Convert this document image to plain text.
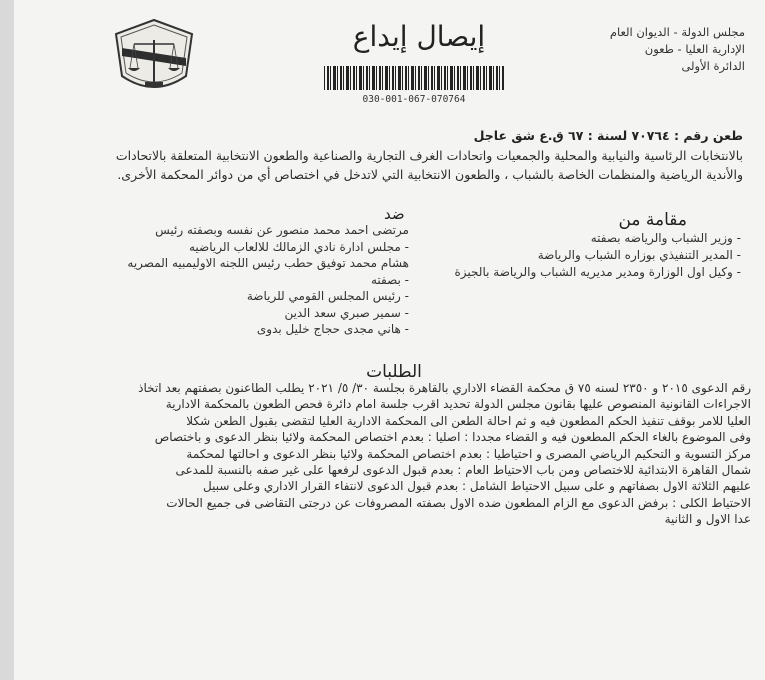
مجلس الدولة - الديوان العام
الإدارية العليا - طعون
الدائرة الأولى
إيصال إيداع
030-001-067-070764
طعن رقم : ٧٠٧٦٤ لسنة : ٦٧ ق.ع شق عاجل
بالانتخابات الرئاسية والنيابية والمحلية والجمعيات واتحادات الغرف التجارية والصناعية والطعون الانتخابية المتعلقة بالاتحادات
والأندية الرياضية والمنظمات الخاصة بالشباب ، والطعون الانتخابية التي لاتدخل في اختصاص أي من دوائر المحكمة الأخرى.
مقامة من
- وزير الشباب والرياضه بصفته
- المدير التنفيذي بوزاره الشباب والرياضة
- وكيل اول الوزارة ومدير مديريه الشباب والرياضة بالجيزة
ضد
مرتضى احمد محمد منصور عن نفسه وبصفته رئيس
- مجلس ادارة نادي الزمالك للالعاب الرياضيه
هشام محمد توفيق حطب رئيس اللجنه الاوليمبيه المصريه
- بصفته
- رئيس المجلس القومي للرياضة
- سمير صبري سعد الدين
- هاني مجدى حجاج خليل بدوى
الطلبات
رقم الدعوى ٢٠١٥ و ٢٣٥٠ لسنه ٧٥ ق محكمة القضاء الاداري بالقاهرة بجلسة ٣٠/ ٥/ ٢٠٢١ يطلب الطاعنون بصفتهم بعد اتخاذ
الاجراءات القانونية المنصوص عليها بقانون مجلس الدولة تحديد اقرب جلسة امام دائرة فحص الطعون بالمحكمة الادارية
العليا للامر بوقف تنفيذ الحكم المطعون فيه و ثم احالة الطعن الى المحكمة الادارية العليا لتقضى بقبول الطعن شكلا
وفى الموضوع بالغاء الحكم المطعون فيه و القضاء مجددا : اصليا : بعدم اختصاص المحكمة ولائيا بنظر الدعوى و باختصاص
مركز التسوية و التحكيم الرياضي المصرى و احتياطيا : بعدم اختصاص المحكمة ولائيا بنظر الدعوى و احالتها لمحكمة
شمال القاهرة الابتدائية للاختصاص ومن باب الاحتياط العام : بعدم قبول الدعوى لرفعها على غير صفه بالنسبة للمدعى
عليهم الثلاثة الاول بصفاتهم و على سبيل الاحتياط الشامل : بعدم قبول الدعوى لانتفاء القرار الاداري وعلى سبيل
الاحتياط الكلى : برفض الدعوى مع الزام المطعون ضده الاول بصفته المصروفات عن درجتى التقاضى فى جميع الحالات
عدا الاول و الثانية
